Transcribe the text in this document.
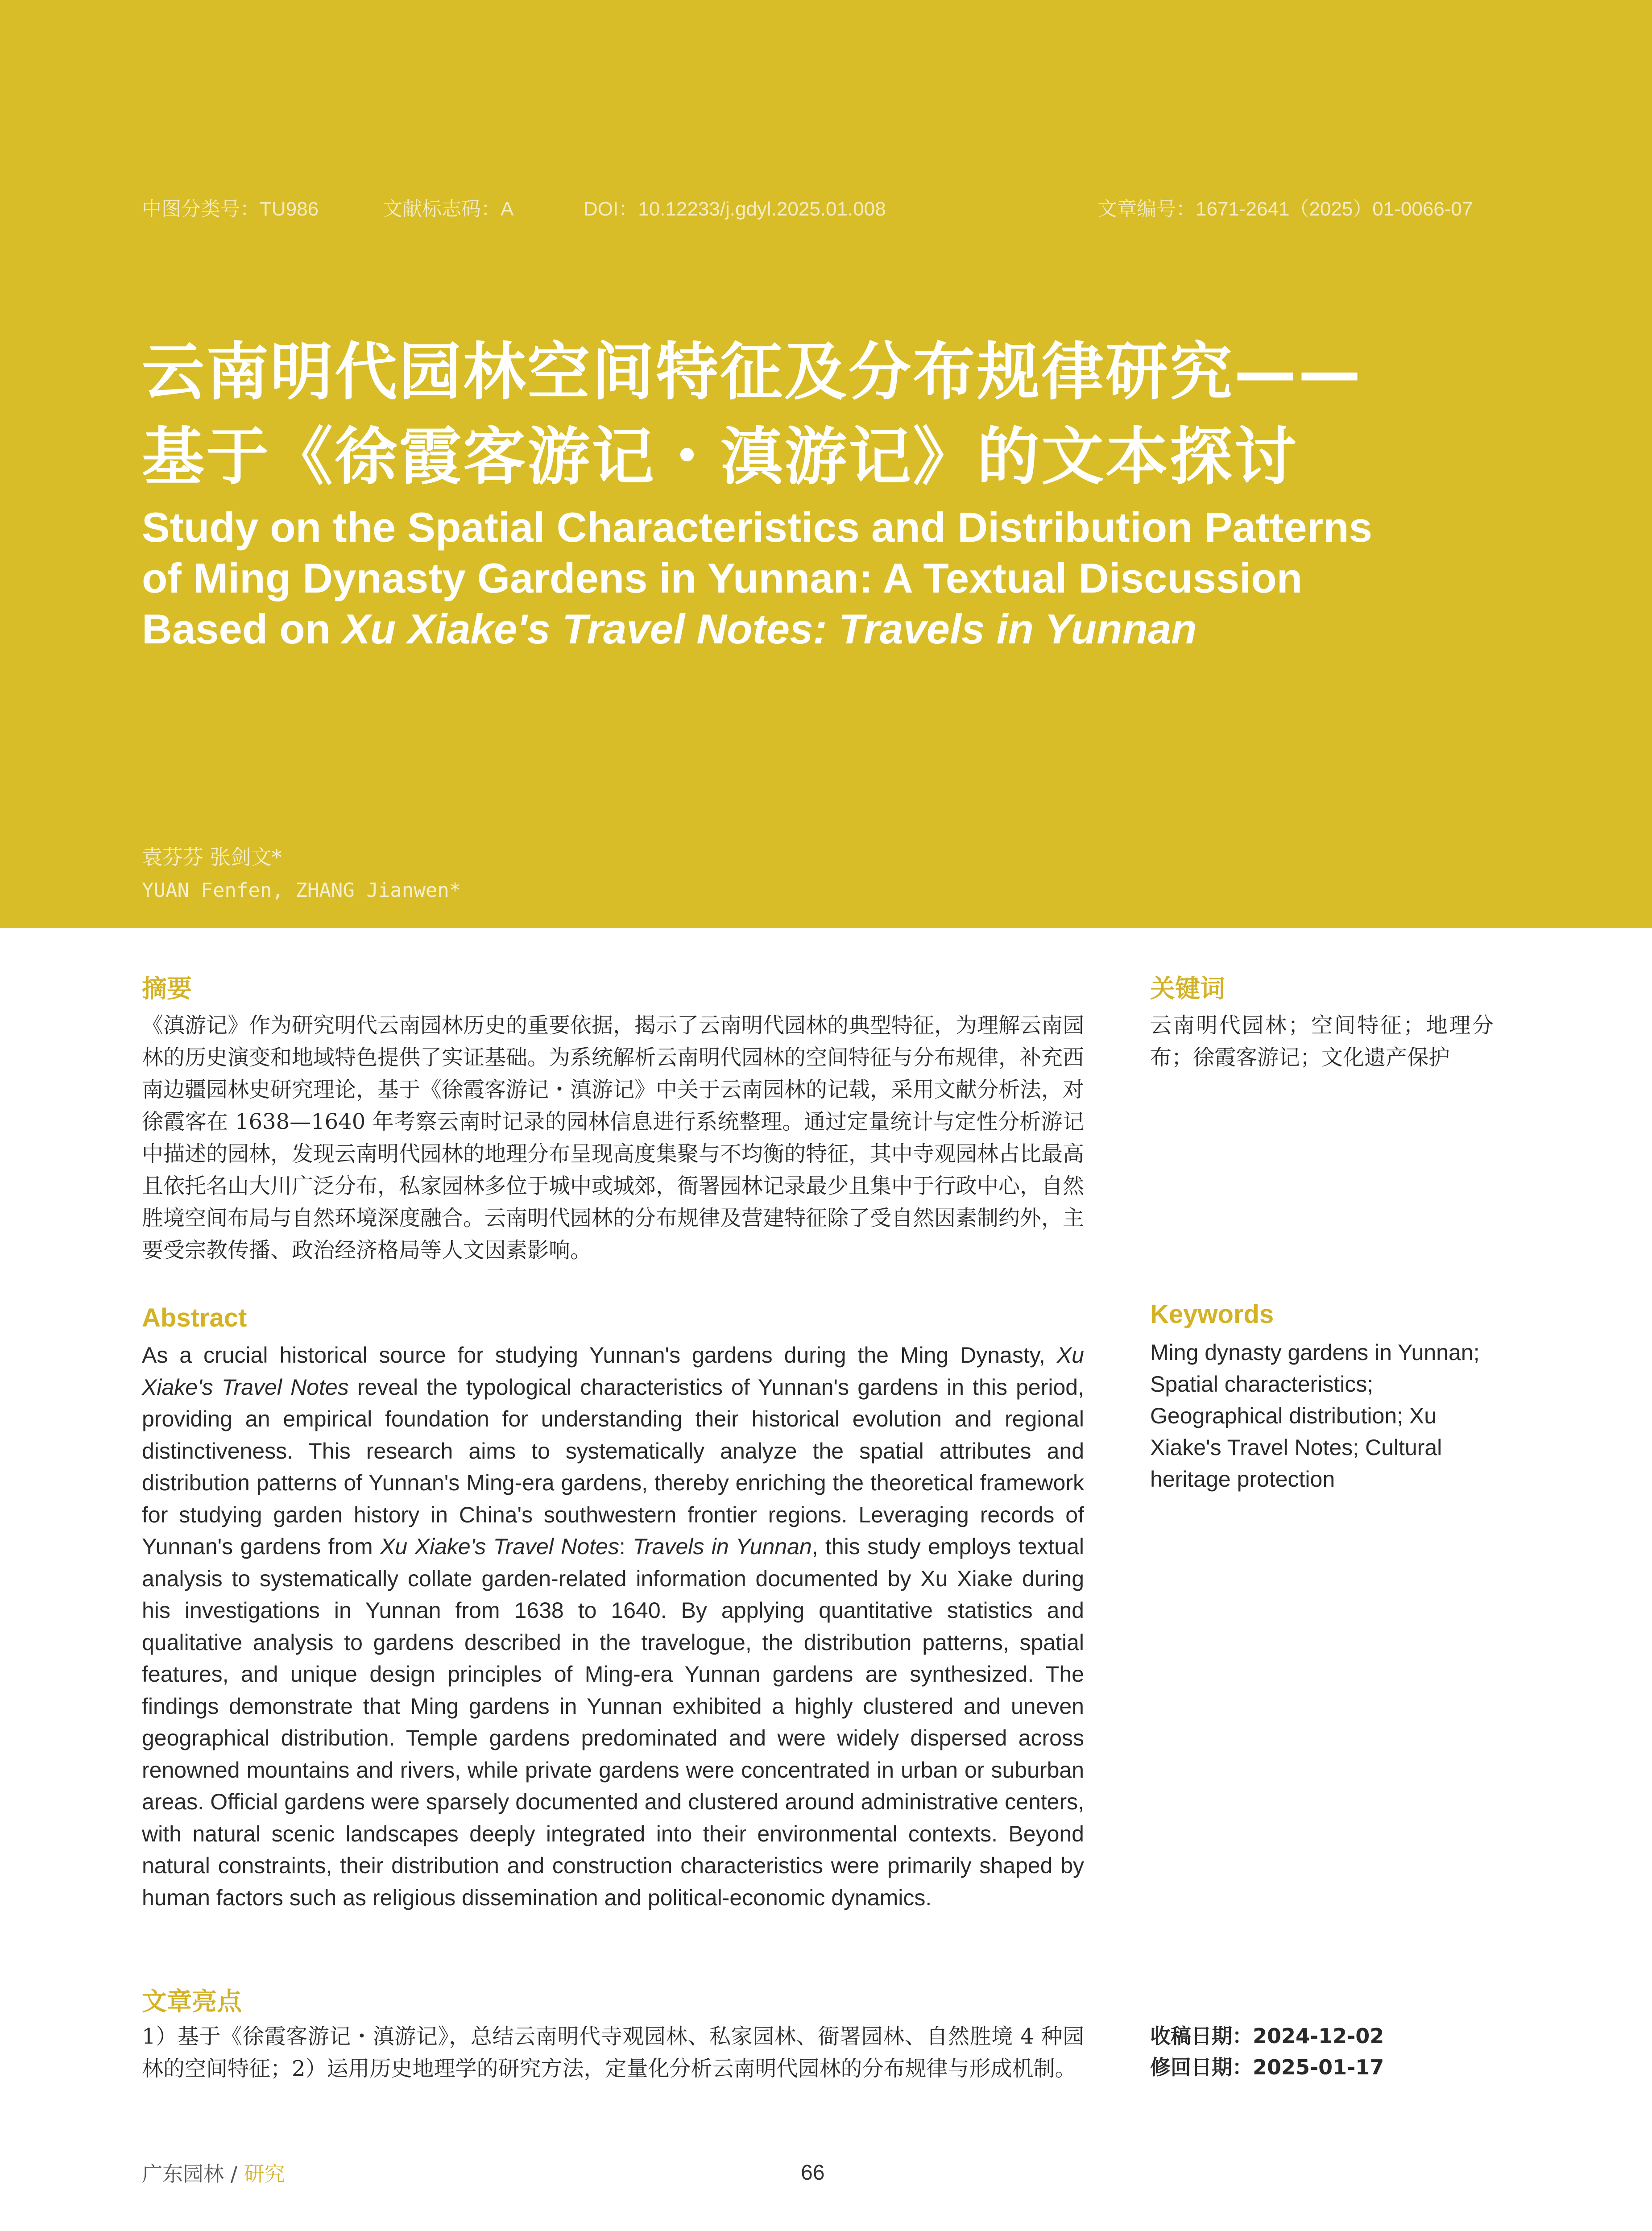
中图分类号：TU986	文献标志码：A	DOI：10.12233/j.gdyl.2025.01.008	文章编号：1671-2641（2025）01-0066-07
云南明代园林空间特征及分布规律研究——
基于《徐霞客游记・滇游记》的文本探讨
Study on the Spatial Characteristics and Distribution Patterns
of Ming Dynasty Gardens in Yunnan: A Textual Discussion
Based on Xu Xiake's Travel Notes: Travels in Yunnan
袁芬芬 张剑文*
YUAN Fenfen, ZHANG Jianwen*
摘要
《滇游记》作为研究明代云南园林历史的重要依据，揭示了云南明代园林的典型特征，为理解云南园林的历史演变和地域特色提供了实证基础。为系统解析云南明代园林的空间特征与分布规律，补充西南边疆园林史研究理论，基于《徐霞客游记・滇游记》中关于云南园林的记载，采用文献分析法，对徐霞客在 1638—1640 年考察云南时记录的园林信息进行系统整理。通过定量统计与定性分析游记中描述的园林，发现云南明代园林的地理分布呈现高度集聚与不均衡的特征，其中寺观园林占比最高且依托名山大川广泛分布，私家园林多位于城中或城郊，衙署园林记录最少且集中于行政中心，自然胜境空间布局与自然环境深度融合。云南明代园林的分布规律及营建特征除了受自然因素制约外，主要受宗教传播、政治经济格局等人文因素影响。
关键词
云南明代园林；空间特征；地理分布；徐霞客游记；文化遗产保护
Abstract
As a crucial historical source for studying Yunnan's gardens during the Ming Dynasty, Xu Xiake's Travel Notes reveal the typological characteristics of Yunnan's gardens in this period, providing an empirical foundation for understanding their historical evolution and regional distinctiveness. This research aims to systematically analyze the spatial attributes and distribution patterns of Yunnan's Ming-era gardens, thereby enriching the theoretical framework for studying garden history in China's southwestern frontier regions. Leveraging records of Yunnan's gardens from Xu Xiake's Travel Notes: Travels in Yunnan, this study employs textual analysis to systematically collate garden-related information documented by Xu Xiake during his investigations in Yunnan from 1638 to 1640. By applying quantitative statistics and qualitative analysis to gardens described in the travelogue, the distribution patterns, spatial features, and unique design principles of Ming-era Yunnan gardens are synthesized. The findings demonstrate that Ming gardens in Yunnan exhibited a highly clustered and uneven geographical distribution. Temple gardens predominated and were widely dispersed across renowned mountains and rivers, while private gardens were concentrated in urban or suburban areas. Official gardens were sparsely documented and clustered around administrative centers, with natural scenic landscapes deeply integrated into their environmental contexts. Beyond natural constraints, their distribution and construction characteristics were primarily shaped by human factors such as religious dissemination and political-economic dynamics.
Keywords
Ming dynasty gardens in Yunnan; Spatial characteristics; Geographical distribution; Xu Xiake's Travel Notes; Cultural heritage protection
文章亮点
1）基于《徐霞客游记・滇游记》，总结云南明代寺观园林、私家园林、衙署园林、自然胜境 4 种园林的空间特征；2）运用历史地理学的研究方法，定量化分析云南明代园林的分布规律与形成机制。
收稿日期：2024-12-02
修回日期：2025-01-17
广东园林 / 研究	66
